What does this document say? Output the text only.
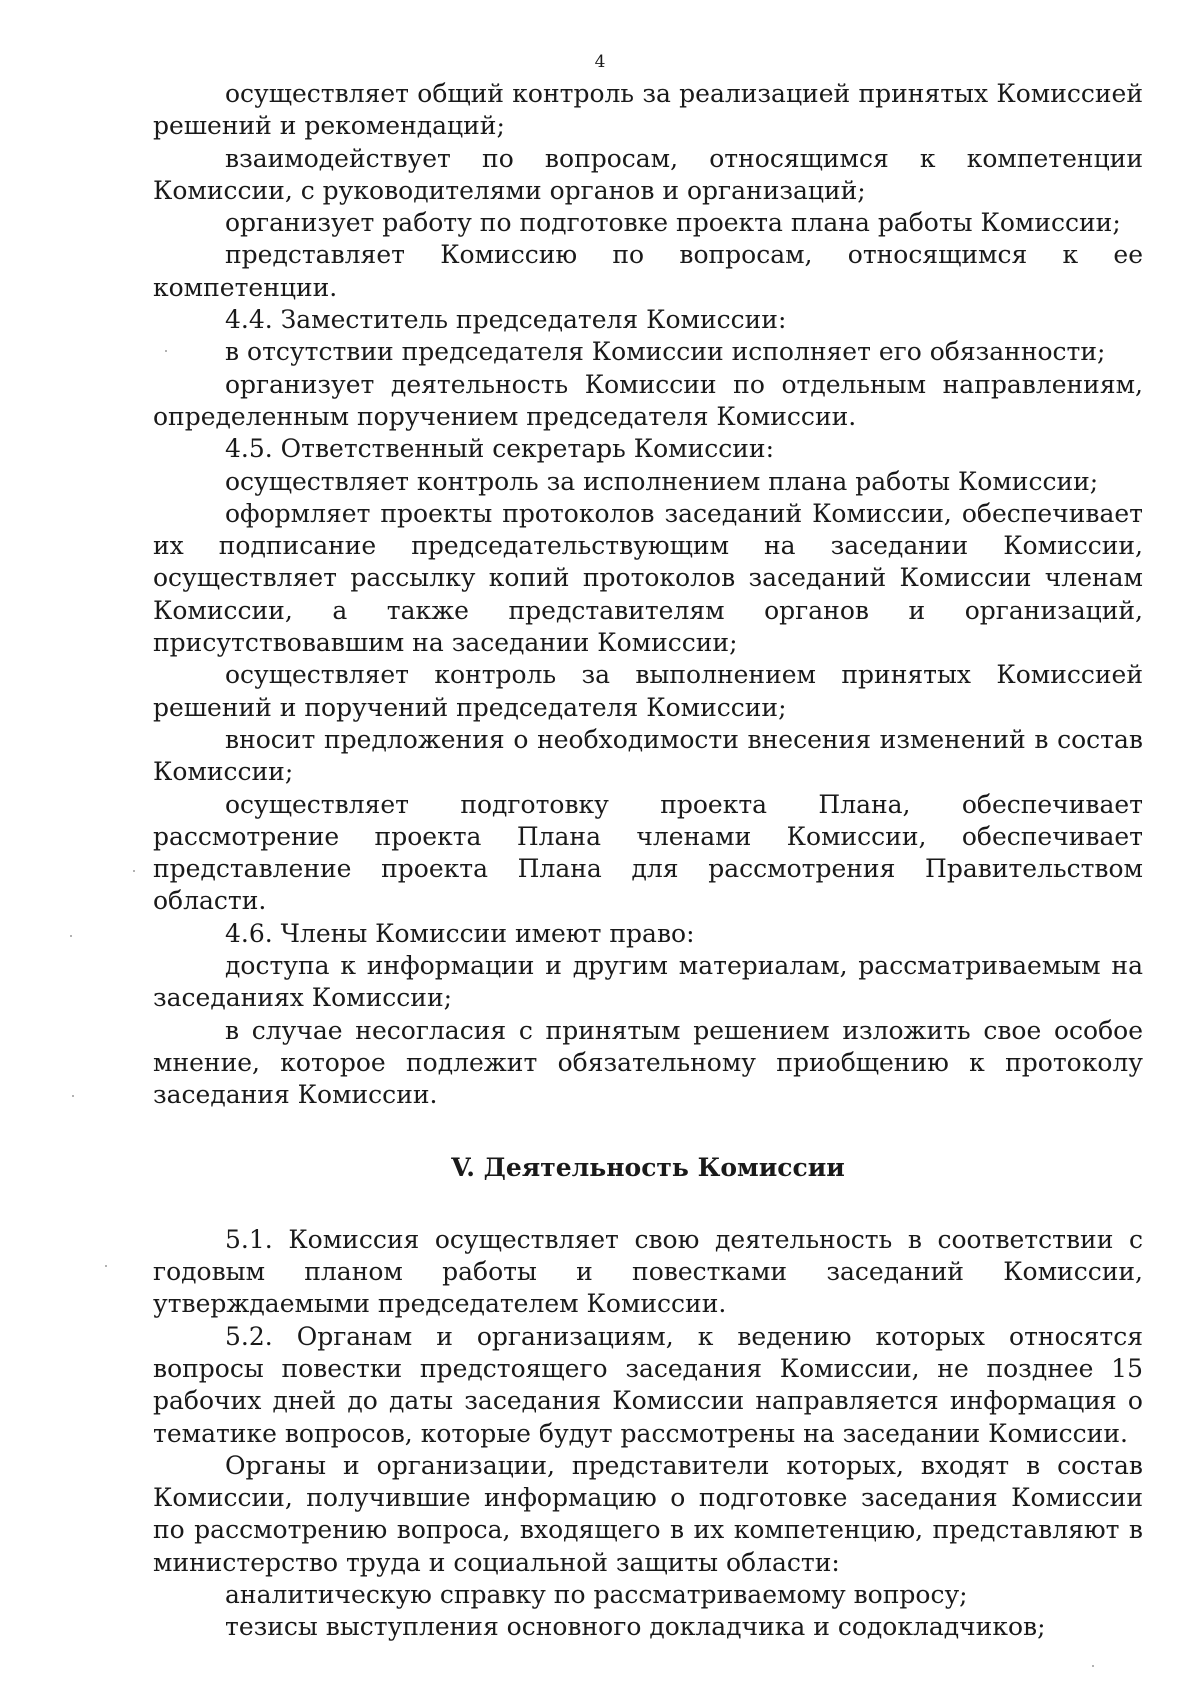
4

осуществляет общий контроль за реализацией принятых Комиссией решений и рекомендаций;

взаимодействует по вопросам, относящимся к компетенции Комиссии, с руководителями органов и организаций;

организует работу по подготовке проекта плана работы Комиссии;

представляет Комиссию по вопросам, относящимся к ее компетенции.

4.4. Заместитель председателя Комиссии:

в отсутствии председателя Комиссии исполняет его обязанности;

организует деятельность Комиссии по отдельным направлениям, определенным поручением председателя Комиссии.

4.5. Ответственный секретарь Комиссии:

осуществляет контроль за исполнением плана работы Комиссии;

оформляет проекты протоколов заседаний Комиссии, обеспечивает их подписание председательствующим на заседании Комиссии, осуществляет рассылку копий протоколов заседаний Комиссии членам Комиссии, а также представителям органов и организаций, присутствовавшим на заседании Комиссии;

осуществляет контроль за выполнением принятых Комиссией решений и поручений председателя Комиссии;

вносит предложения о необходимости внесения изменений в состав Комиссии;

осуществляет подготовку проекта Плана, обеспечивает рассмотрение проекта Плана членами Комиссии, обеспечивает представление проекта Плана для рассмотрения Правительством области.

4.6. Члены Комиссии имеют право:

доступа к информации и другим материалам, рассматриваемым на заседаниях Комиссии;

в случае несогласия с принятым решением изложить свое особое мнение, которое подлежит обязательному приобщению к протоколу заседания Комиссии.

V. Деятельность Комиссии

5.1. Комиссия осуществляет свою деятельность в соответствии с годовым планом работы и повестками заседаний Комиссии, утверждаемыми председателем Комиссии.

5.2. Органам и организациям, к ведению которых относятся вопросы повестки предстоящего заседания Комиссии, не позднее 15 рабочих дней до даты заседания Комиссии направляется информация о тематике вопросов, которые будут рассмотрены на заседании Комиссии.

Органы и организации, представители которых, входят в состав Комиссии, получившие информацию о подготовке заседания Комиссии по рассмотрению вопроса, входящего в их компетенцию, представляют в министерство труда и социальной защиты области:

аналитическую справку по рассматриваемому вопросу;

тезисы выступления основного докладчика и содокладчиков;
